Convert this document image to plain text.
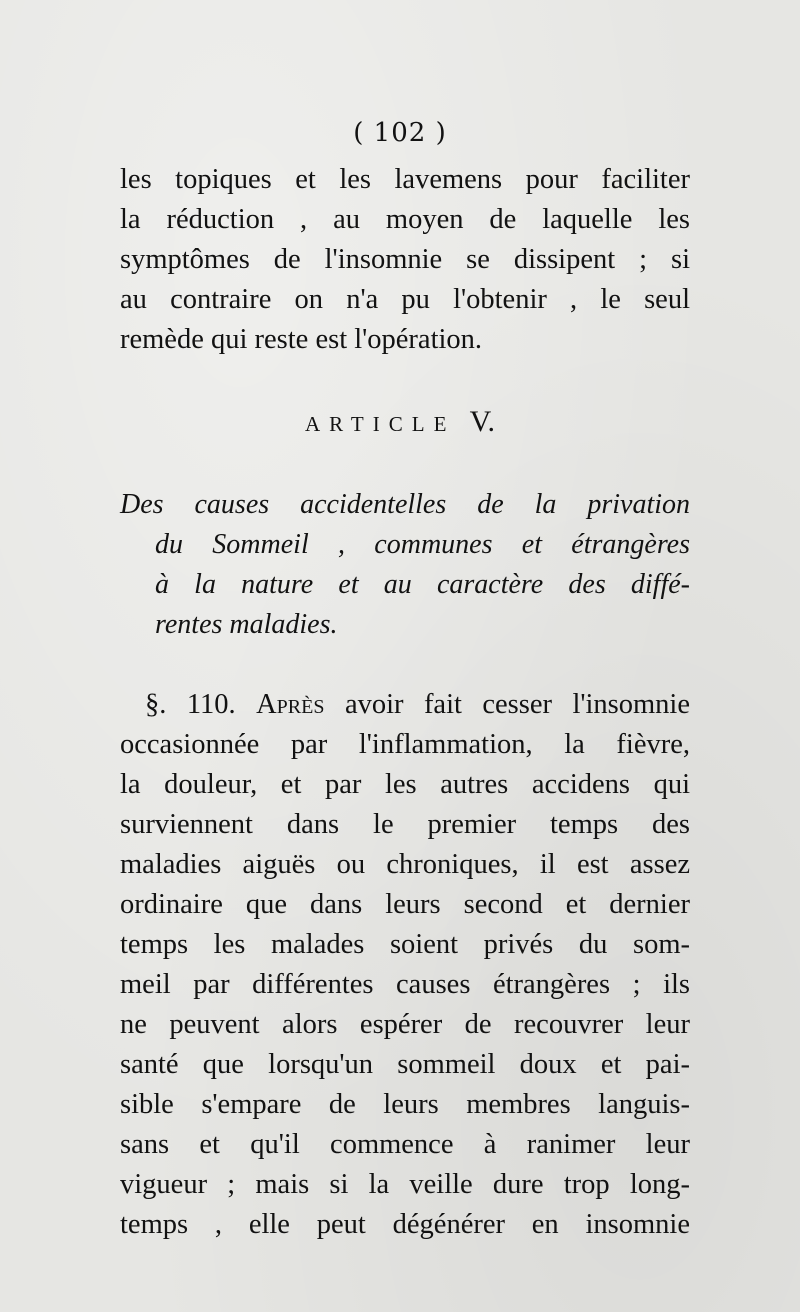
( 102 )
les topiques et les lavemens pour faciliter
la réduction , au moyen de laquelle les
symptômes de l'insomnie se dissipent ; si
au contraire on n'a pu l'obtenir , le seul
remède qui reste est l'opération.
ARTICLE V.
Des causes accidentelles de la privation
du Sommeil , communes et étrangères
à la nature et au caractère des diffé-
rentes maladies.
§. 110. Après avoir fait cesser l'insomnie
occasionnée par l'inflammation, la fièvre,
la douleur, et par les autres accidens qui
surviennent dans le premier temps des
maladies aiguës ou chroniques, il est assez
ordinaire que dans leurs second et dernier
temps les malades soient privés du som-
meil par différentes causes étrangères ; ils
ne peuvent alors espérer de recouvrer leur
santé que lorsqu'un sommeil doux et pai-
sible s'empare de leurs membres languis-
sans et qu'il commence à ranimer leur
vigueur ; mais si la veille dure trop long-
temps , elle peut dégénérer en insomnie
